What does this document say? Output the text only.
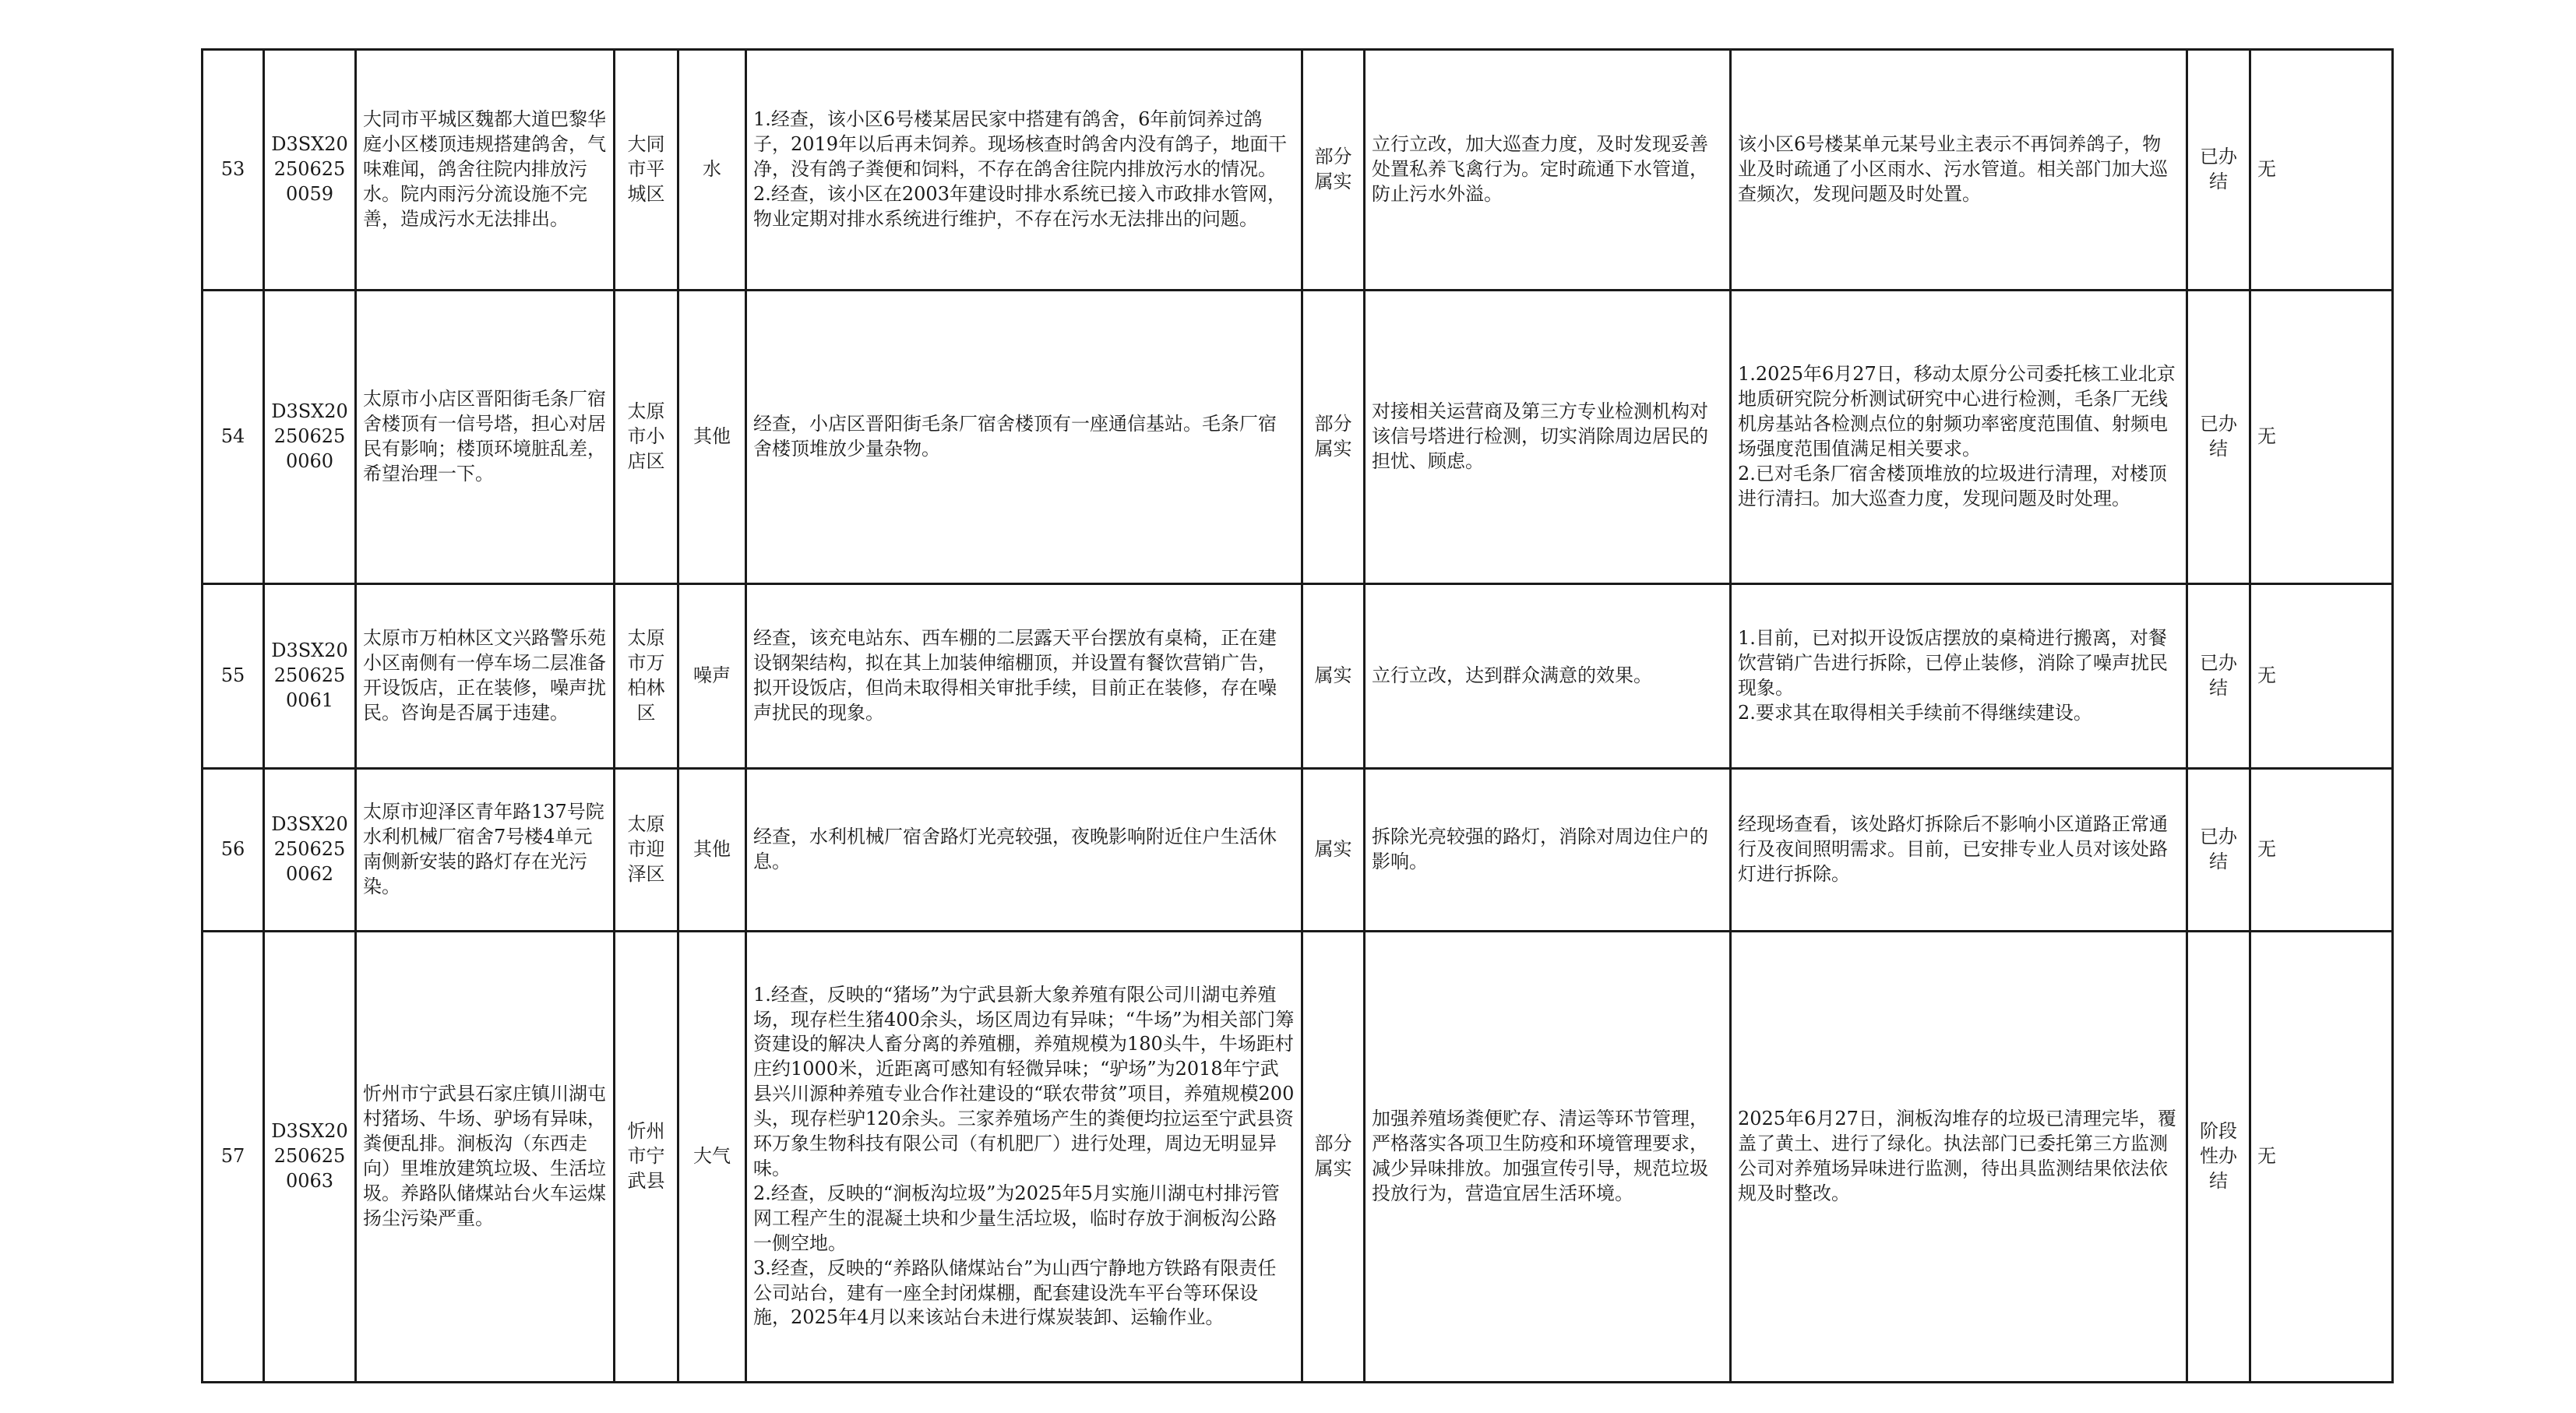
53	D3SX202506250059	大同市平城区魏都大道巴黎华庭小区楼顶违规搭建鸽舍，气味难闻，鸽舍往院内排放污水。院内雨污分流设施不完善，造成污水无法排出。	大同市平城区	水	1.经查，该小区6号楼某居民家中搭建有鸽舍，6年前饲养过鸽子，2019年以后再未饲养。现场核查时鸽舍内没有鸽子，地面干净，没有鸽子粪便和饲料，不存在鸽舍往院内排放污水的情况。
2.经查，该小区在2003年建设时排水系统已接入市政排水管网，物业定期对排水系统进行维护，不存在污水无法排出的问题。	部分属实	立行立改，加大巡查力度，及时发现妥善处置私养飞禽行为。定时疏通下水管道，防止污水外溢。	该小区6号楼某单元某号业主表示不再饲养鸽子，物业及时疏通了小区雨水、污水管道。相关部门加大巡查频次，发现问题及时处置。	已办结	无
54	D3SX202506250060	太原市小店区晋阳街毛条厂宿舍楼顶有一信号塔，担心对居民有影响；楼顶环境脏乱差，希望治理一下。	太原市小店区	其他	经查，小店区晋阳街毛条厂宿舍楼顶有一座通信基站。毛条厂宿舍楼顶堆放少量杂物。	部分属实	对接相关运营商及第三方专业检测机构对该信号塔进行检测，切实消除周边居民的担忧、顾虑。	1.2025年6月27日，移动太原分公司委托核工业北京地质研究院分析测试研究中心进行检测，毛条厂无线机房基站各检测点位的射频功率密度范围值、射频电场强度范围值满足相关要求。
2.已对毛条厂宿舍楼顶堆放的垃圾进行清理，对楼顶进行清扫。加大巡查力度，发现问题及时处理。	已办结	无
55	D3SX202506250061	太原市万柏林区文兴路警乐苑小区南侧有一停车场二层准备开设饭店，正在装修，噪声扰民。咨询是否属于违建。	太原市万柏林区	噪声	经查，该充电站东、西车棚的二层露天平台摆放有桌椅，正在建设钢架结构，拟在其上加装伸缩棚顶，并设置有餐饮营销广告，拟开设饭店，但尚未取得相关审批手续，目前正在装修，存在噪声扰民的现象。	属实	立行立改，达到群众满意的效果。	1.目前，已对拟开设饭店摆放的桌椅进行搬离，对餐饮营销广告进行拆除，已停止装修，消除了噪声扰民现象。
2.要求其在取得相关手续前不得继续建设。	已办结	无
56	D3SX202506250062	太原市迎泽区青年路137号院水利机械厂宿舍7号楼4单元南侧新安装的路灯存在光污染。	太原市迎泽区	其他	经查，水利机械厂宿舍路灯光亮较强，夜晚影响附近住户生活休息。	属实	拆除光亮较强的路灯，消除对周边住户的影响。	经现场查看，该处路灯拆除后不影响小区道路正常通行及夜间照明需求。目前，已安排专业人员对该处路灯进行拆除。	已办结	无
57	D3SX202506250063	忻州市宁武县石家庄镇川湖屯村猪场、牛场、驴场有异味，粪便乱排。涧板沟（东西走向）里堆放建筑垃圾、生活垃圾。养路队储煤站台火车运煤扬尘污染严重。	忻州市宁武县	大气	1.经查，反映的“猪场”为宁武县新大象养殖有限公司川湖屯养殖场，现存栏生猪400余头，场区周边有异味；“牛场”为相关部门筹资建设的解决人畜分离的养殖棚，养殖规模为180头牛，牛场距村庄约1000米，近距离可感知有轻微异味；“驴场”为2018年宁武县兴川源种养殖专业合作社建设的“联农带贫”项目，养殖规模200头，现存栏驴120余头。三家养殖场产生的粪便均拉运至宁武县资环万象生物科技有限公司（有机肥厂）进行处理，周边无明显异味。
2.经查，反映的“涧板沟垃圾”为2025年5月实施川湖屯村排污管网工程产生的混凝土块和少量生活垃圾，临时存放于涧板沟公路一侧空地。
3.经查，反映的“养路队储煤站台”为山西宁静地方铁路有限责任公司站台，建有一座全封闭煤棚，配套建设洗车平台等环保设施，2025年4月以来该站台未进行煤炭装卸、运输作业。	部分属实	加强养殖场粪便贮存、清运等环节管理，严格落实各项卫生防疫和环境管理要求，减少异味排放。加强宣传引导，规范垃圾投放行为，营造宜居生活环境。	2025年6月27日，涧板沟堆存的垃圾已清理完毕，覆盖了黄土、进行了绿化。执法部门已委托第三方监测公司对养殖场异味进行监测，待出具监测结果依法依规及时整改。	阶段性办结	无
